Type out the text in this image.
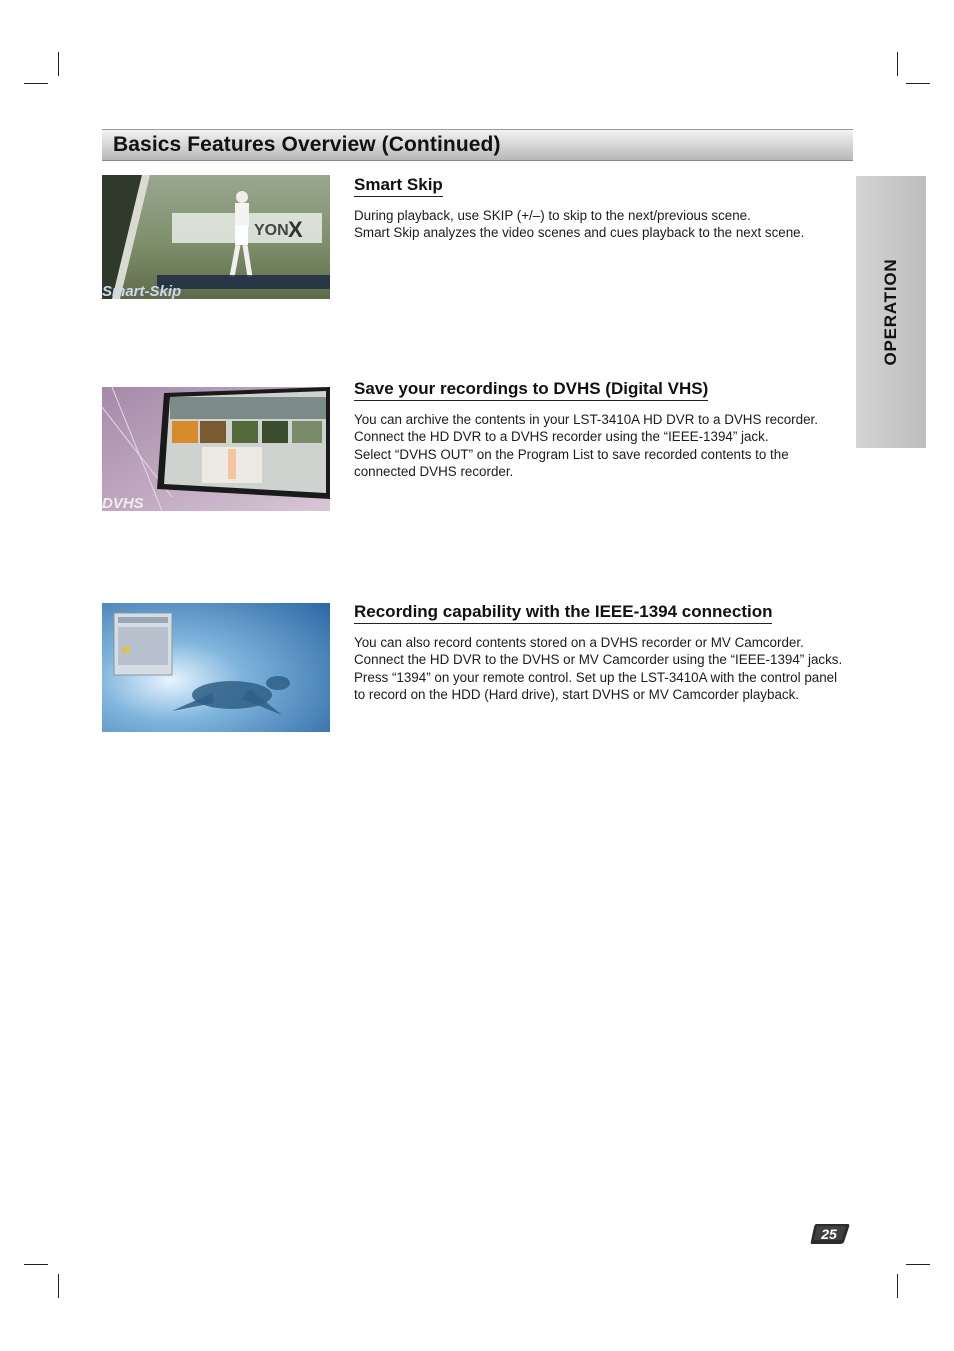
Basics Features Overview (Continued)
OPERATION
YON X
Smart-Skip
DVHS
Smart Skip

During playback, use SKIP (+/–) to skip to the next/previous scene.

Smart Skip analyzes the video scenes and cues playback to the next scene.

Save your recordings to DVHS (Digital VHS)

You can archive the contents in your LST-3410A HD DVR to a DVHS recorder.

Connect the HD DVR to a DVHS recorder using the “IEEE-1394” jack.

Select “DVHS OUT” on the Program List to save recorded contents to the connected DVHS recorder.

Recording capability with the IEEE-1394 connection

You can also record contents stored on a DVHS recorder or MV Camcorder. Connect the HD DVR to the DVHS or MV Camcorder using the “IEEE-1394” jacks. Press “1394” on your remote control. Set up the LST-3410A with the control panel to record on the HDD (Hard drive), start DVHS or MV Camcorder playback.

25
